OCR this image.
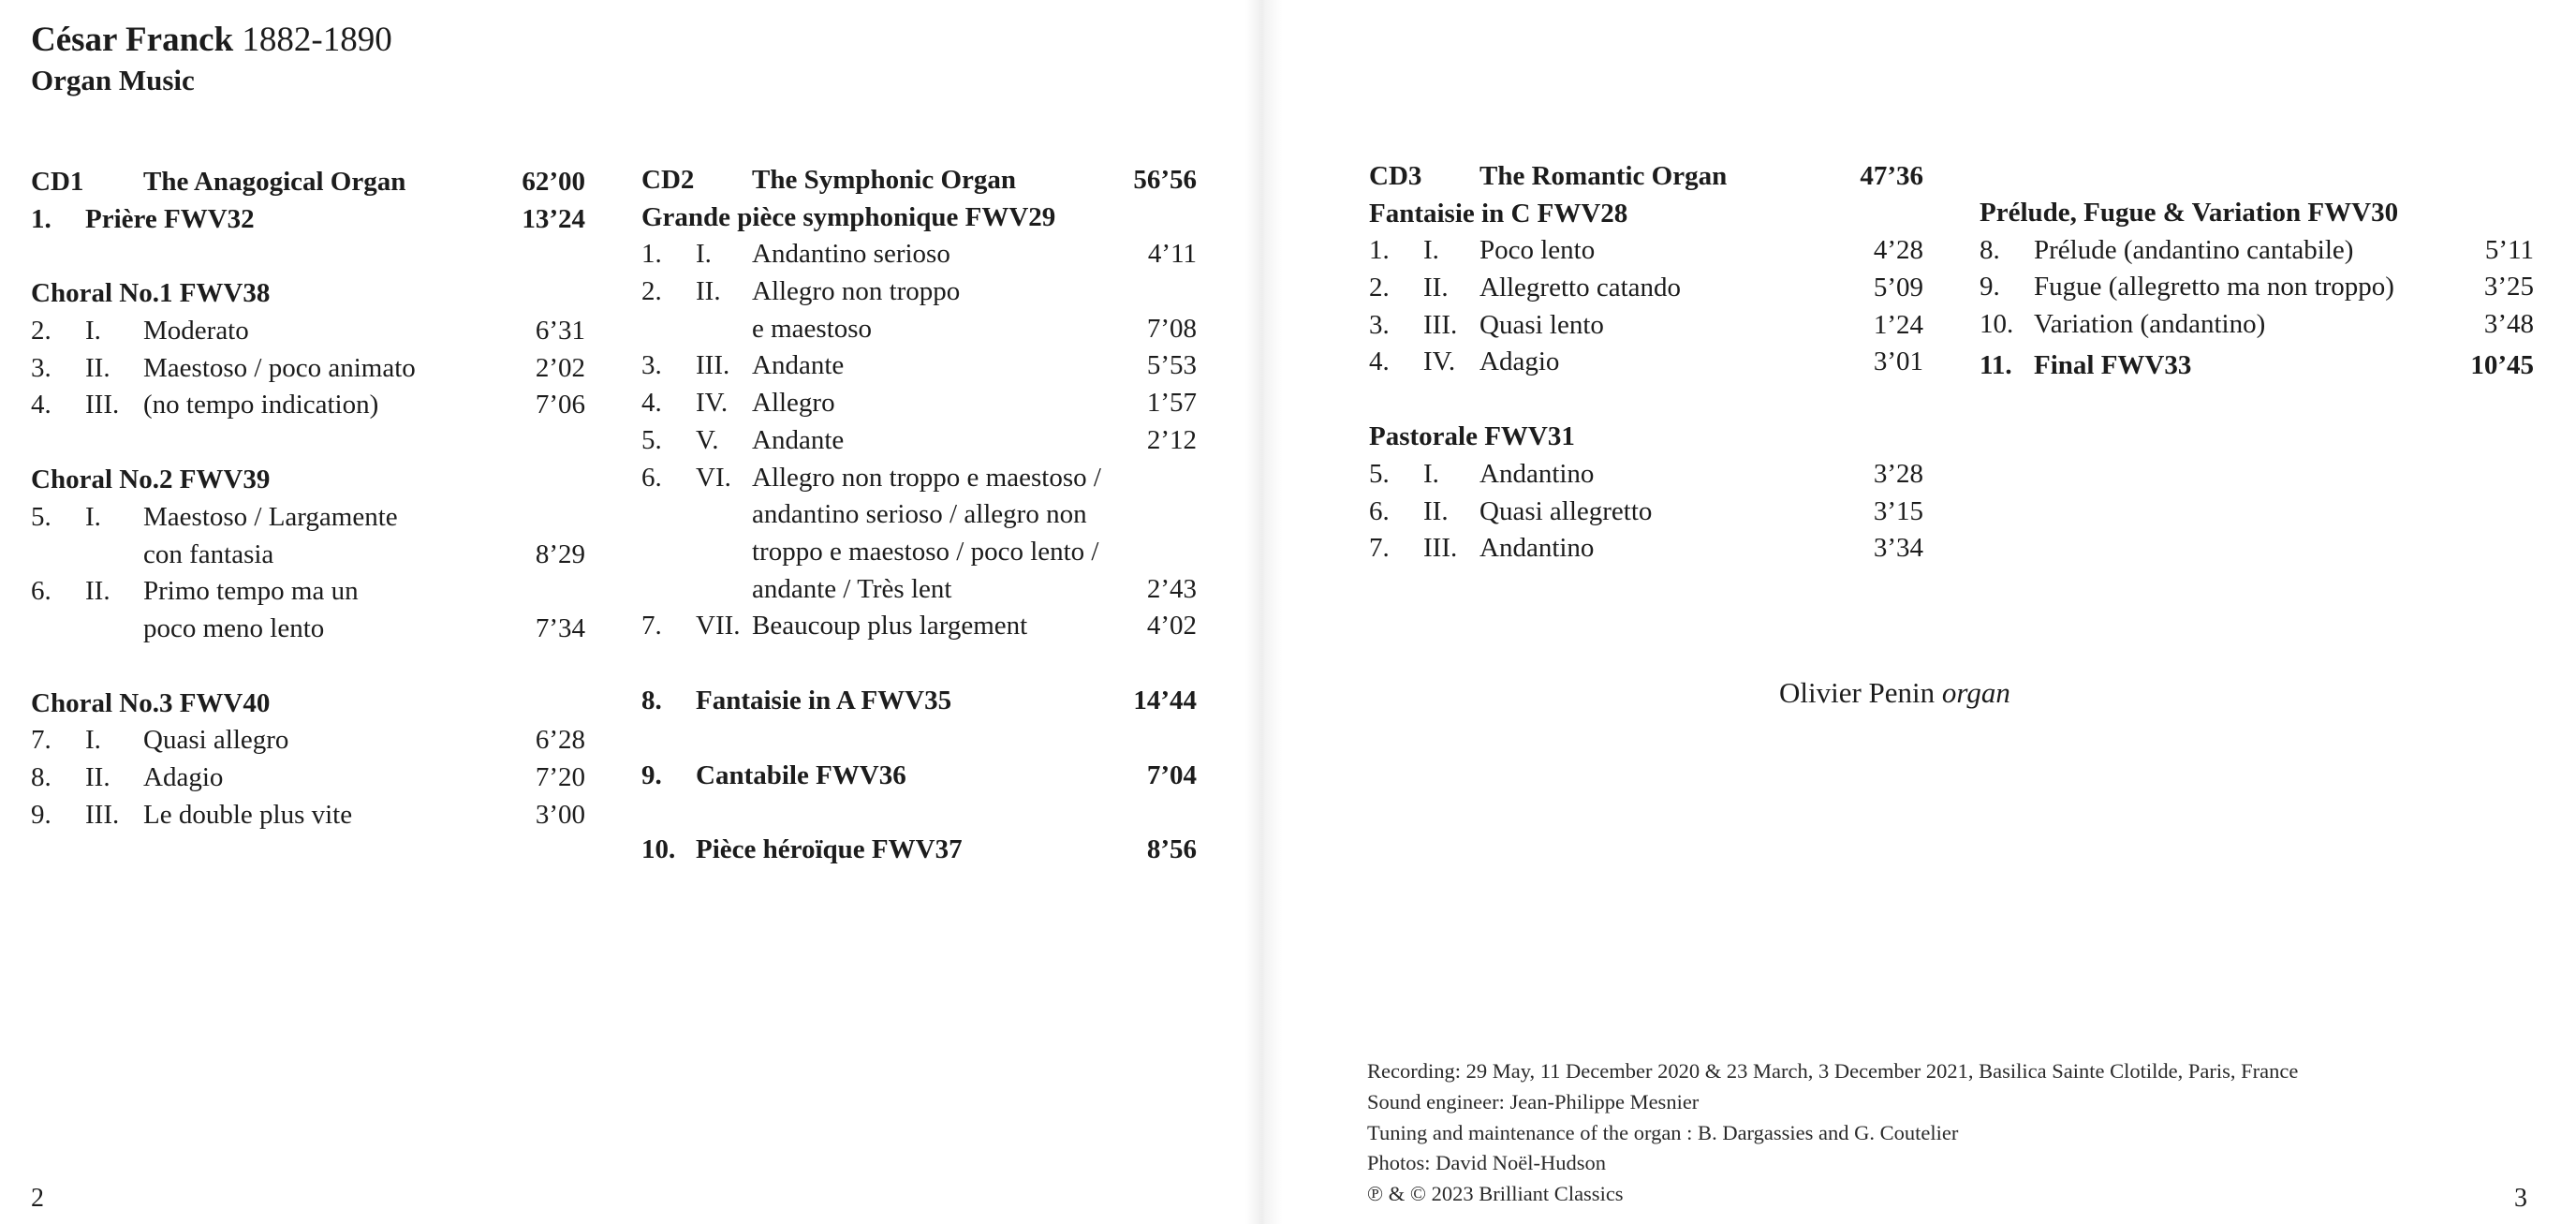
César Franck 1882-1890
Organ Music
CD1 The Anagogical Organ	62’00
1. Prière FWV32	13’24
Choral No.1 FWV38
2. I. Moderato	6’31
3. II. Maestoso / poco animato	2’02
4. III. (no tempo indication)	7’06
Choral No.2 FWV39
5. I. Maestoso / Largamente
con fantasia	8’29
6. II. Primo tempo ma un
poco meno lento	7’34
Choral No.3 FWV40
7. I. Quasi allegro	6’28
8. II. Adagio	7’20
9. III. Le double plus vite	3’00
CD2 The Symphonic Organ	56’56
Grande pièce symphonique FWV29
1. I. Andantino serioso	4’11
2. II. Allegro non troppo
e maestoso	7’08
3. III. Andante	5’53
4. IV. Allegro	1’57
5. V. Andante	2’12
6. VI. Allegro non troppo e maestoso /
andantino serioso / allegro non
troppo e maestoso / poco lento /
andante / Très lent	2’43
7. VII. Beaucoup plus largement	4’02
8. Fantaisie in A FWV35	14’44
9. Cantabile FWV36	7’04
10. Pièce héroïque FWV37	8’56
CD3 The Romantic Organ	47’36
Fantaisie in C FWV28
1. I. Poco lento	4’28
2. II. Allegretto catando	5’09
3. III. Quasi lento	1’24
4. IV. Adagio	3’01
Pastorale FWV31
5. I. Andantino	3’28
6. II. Quasi allegretto	3’15
7. III. Andantino	3’34
Prélude, Fugue & Variation FWV30
8. Prélude (andantino cantabile)	5’11
9. Fugue (allegretto ma non troppo)	3’25
10. Variation (andantino)	3’48
11. Final FWV33	10’45
Olivier Penin organ
Recording: 29 May, 11 December 2020 & 23 March, 3 December 2021, Basilica Sainte Clotilde, Paris, France
Sound engineer: Jean-Philippe Mesnier
Tuning and maintenance of the organ : B. Dargassies and G. Coutelier
Photos: David Noël-Hudson
℗ & © 2023 Brilliant Classics
2	3
